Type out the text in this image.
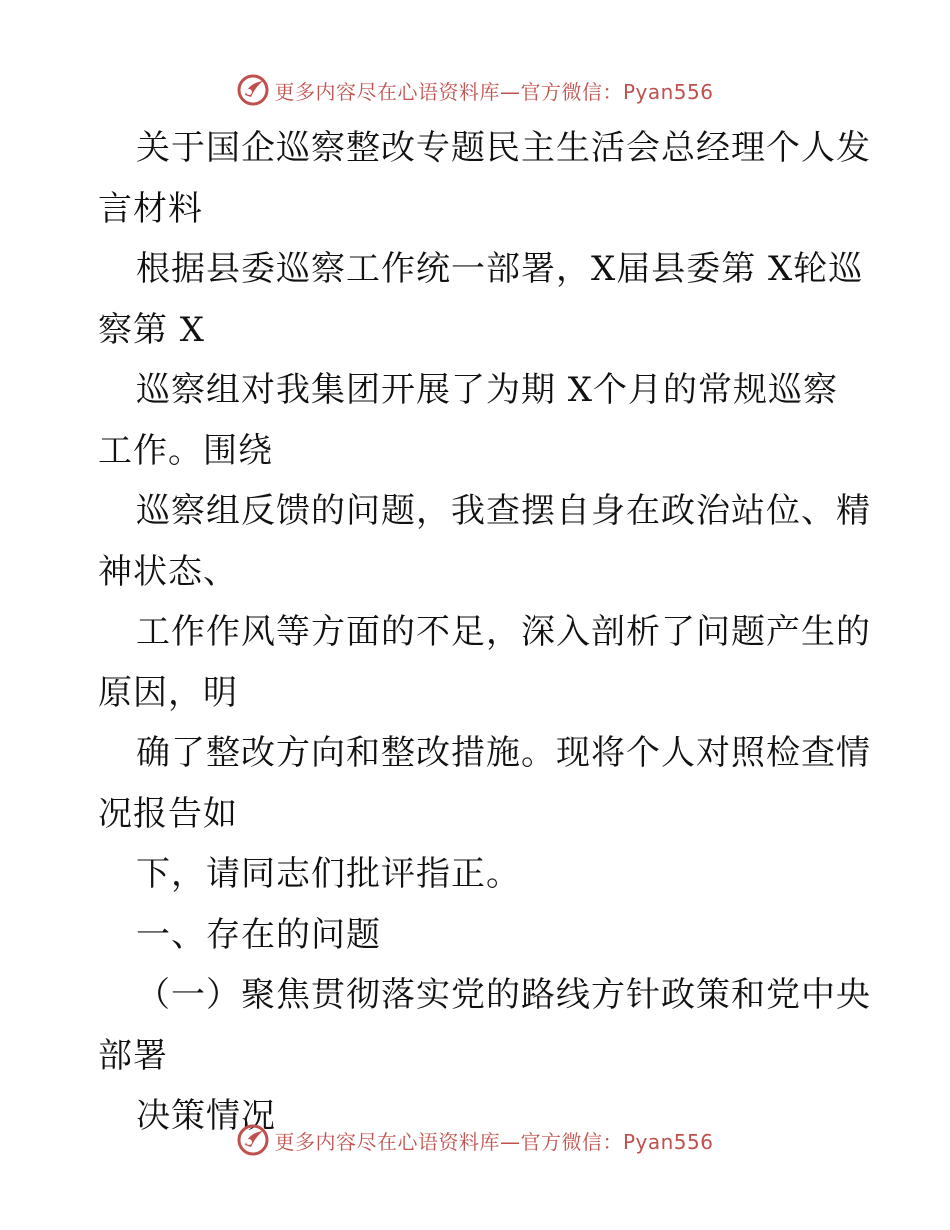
更多内容尽在心语资料库—官方微信：Pyan556
关于国企巡察整改专题民主生活会总经理个人发
言材料
根据县委巡察工作统一部署，X届县委第 X轮巡
察第 X
巡察组对我集团开展了为期 X个月的常规巡察
工作。围绕
巡察组反馈的问题，我查摆自身在政治站位、精
神状态、
工作作风等方面的不足，深入剖析了问题产生的
原因，明
确了整改方向和整改措施。现将个人对照检查情
况报告如
下，请同志们批评指正。
一、存在的问题
（一）聚焦贯彻落实党的路线方针政策和党中央
部署
决策情况
更多内容尽在心语资料库—官方微信：Pyan556
